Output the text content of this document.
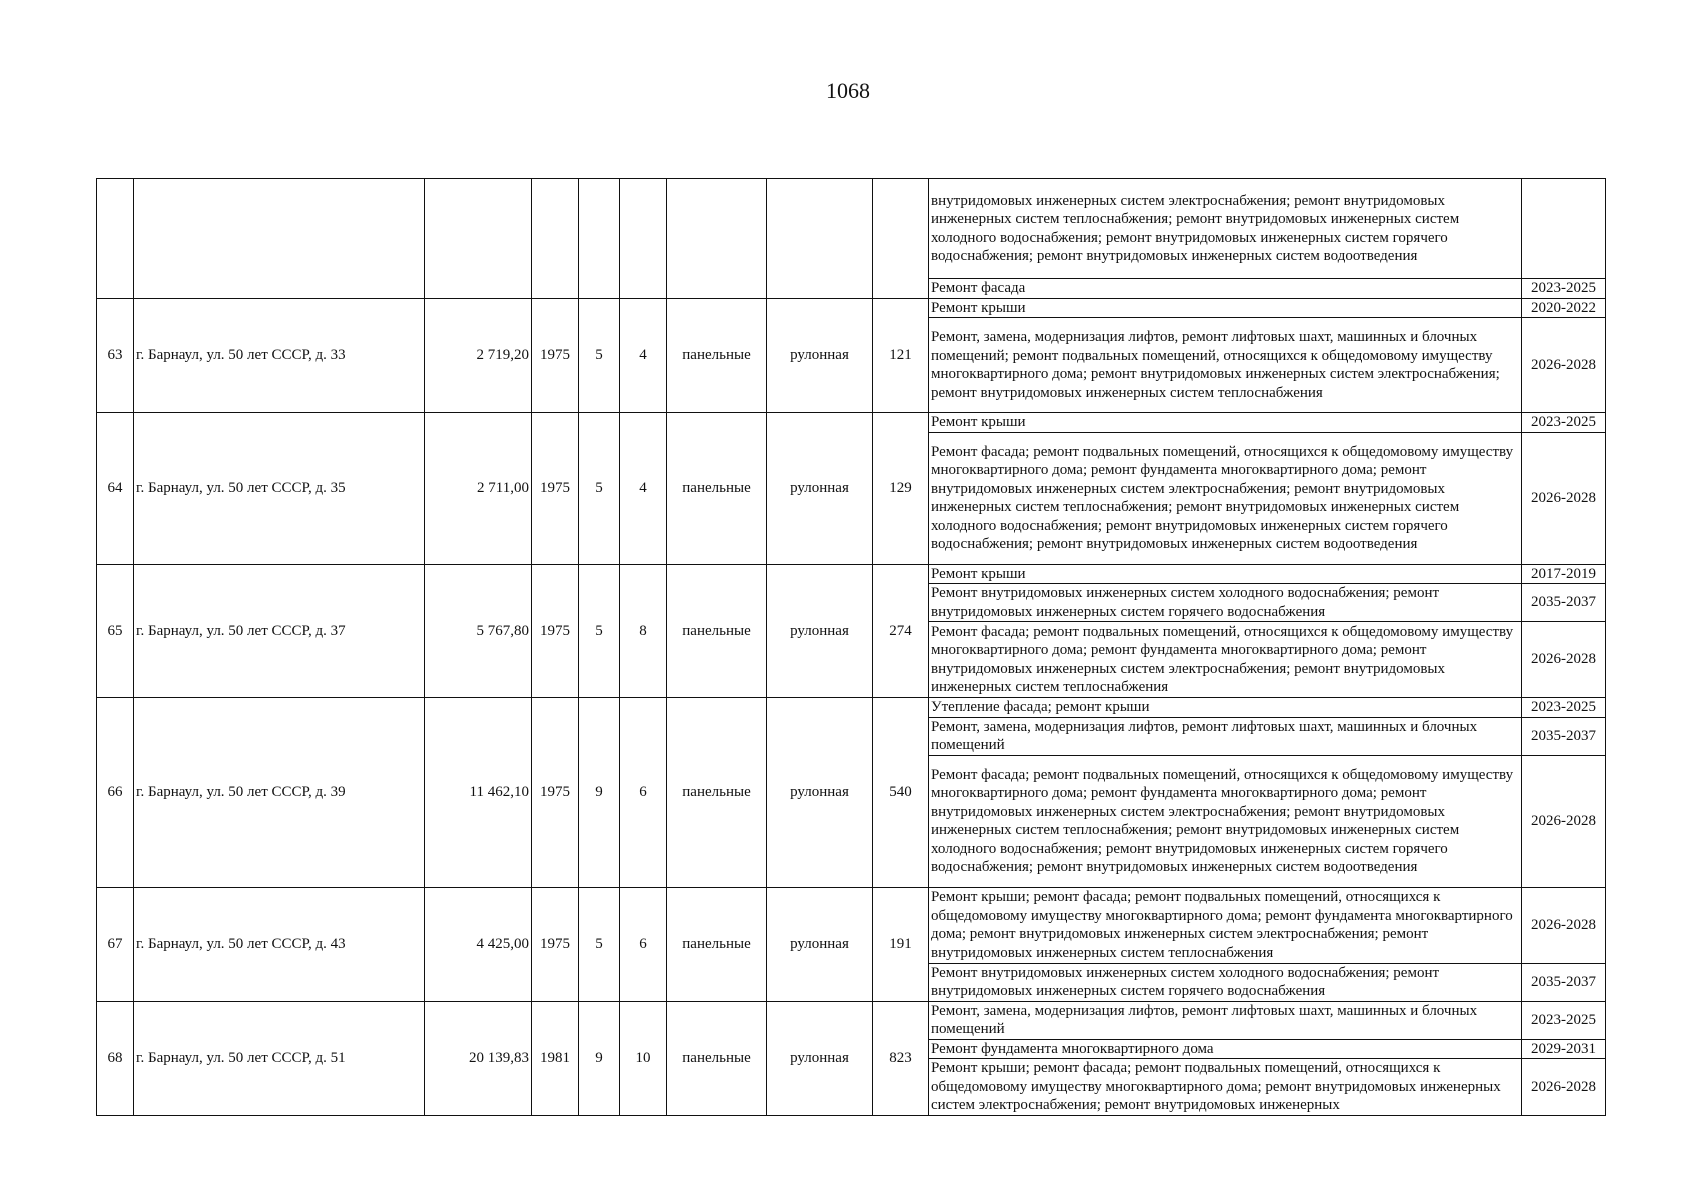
1068
									внутридомовых инженерных систем электроснабжения; ремонт внутридомовых инженерных систем теплоснабжения; ремонт внутридомовых инженерных систем холодного водоснабжения; ремонт внутридомовых инженерных систем горячего водоснабжения; ремонт внутридомовых инженерных систем водоотведения	
									Ремонт фасада	2023-2025
63	г. Барнаул, ул. 50 лет СССР, д. 33	2 719,20	1975	5	4	панельные	рулонная	121	Ремонт крыши	2020-2022
									Ремонт, замена, модернизация лифтов, ремонт лифтовых шахт, машинных и блочных помещений; ремонт подвальных помещений, относящихся к общедомовому имуществу многоквартирного дома; ремонт внутридомовых инженерных систем электроснабжения; ремонт внутридомовых инженерных систем теплоснабжения	2026-2028
64	г. Барнаул, ул. 50 лет СССР, д. 35	2 711,00	1975	5	4	панельные	рулонная	129	Ремонт крыши	2023-2025
									Ремонт фасада; ремонт подвальных помещений, относящихся к общедомовому имуществу многоквартирного дома; ремонт фундамента многоквартирного дома; ремонт внутридомовых инженерных систем электроснабжения; ремонт внутридомовых инженерных систем теплоснабжения; ремонт внутридомовых инженерных систем холодного водоснабжения; ремонт внутридомовых инженерных систем горячего водоснабжения; ремонт внутридомовых инженерных систем водоотведения	2026-2028
65	г. Барнаул, ул. 50 лет СССР, д. 37	5 767,80	1975	5	8	панельные	рулонная	274	Ремонт крыши	2017-2019
									Ремонт внутридомовых инженерных систем холодного водоснабжения; ремонт внутридомовых инженерных систем горячего водоснабжения	2035-2037
									Ремонт фасада; ремонт подвальных помещений, относящихся к общедомовому имуществу многоквартирного дома; ремонт фундамента многоквартирного дома; ремонт внутридомовых инженерных систем электроснабжения; ремонт внутридомовых инженерных систем теплоснабжения	2026-2028
66	г. Барнаул, ул. 50 лет СССР, д. 39	11 462,10	1975	9	6	панельные	рулонная	540	Утепление фасада; ремонт крыши	2023-2025
									Ремонт, замена, модернизация лифтов, ремонт лифтовых шахт, машинных и блочных помещений	2035-2037
									Ремонт фасада; ремонт подвальных помещений, относящихся к общедомовому имуществу многоквартирного дома; ремонт фундамента многоквартирного дома; ремонт внутридомовых инженерных систем электроснабжения; ремонт внутридомовых инженерных систем теплоснабжения; ремонт внутридомовых инженерных систем холодного водоснабжения; ремонт внутридомовых инженерных систем горячего водоснабжения; ремонт внутридомовых инженерных систем водоотведения	2026-2028
67	г. Барнаул, ул. 50 лет СССР, д. 43	4 425,00	1975	5	6	панельные	рулонная	191	Ремонт крыши; ремонт фасада; ремонт подвальных помещений, относящихся к общедомовому имуществу многоквартирного дома; ремонт фундамента многоквартирного дома; ремонт внутридомовых инженерных систем электроснабжения; ремонт внутридомовых инженерных систем теплоснабжения	2026-2028
									Ремонт внутридомовых инженерных систем холодного водоснабжения; ремонт внутридомовых инженерных систем горячего водоснабжения	2035-2037
68	г. Барнаул, ул. 50 лет СССР, д. 51	20 139,83	1981	9	10	панельные	рулонная	823	Ремонт, замена, модернизация лифтов, ремонт лифтовых шахт, машинных и блочных помещений	2023-2025
									Ремонт фундамента многоквартирного дома	2029-2031
									Ремонт крыши; ремонт фасада; ремонт подвальных помещений, относящихся к общедомовому имуществу многоквартирного дома; ремонт внутридомовых инженерных систем электроснабжения; ремонт внутридомовых инженерных	2026-2028
